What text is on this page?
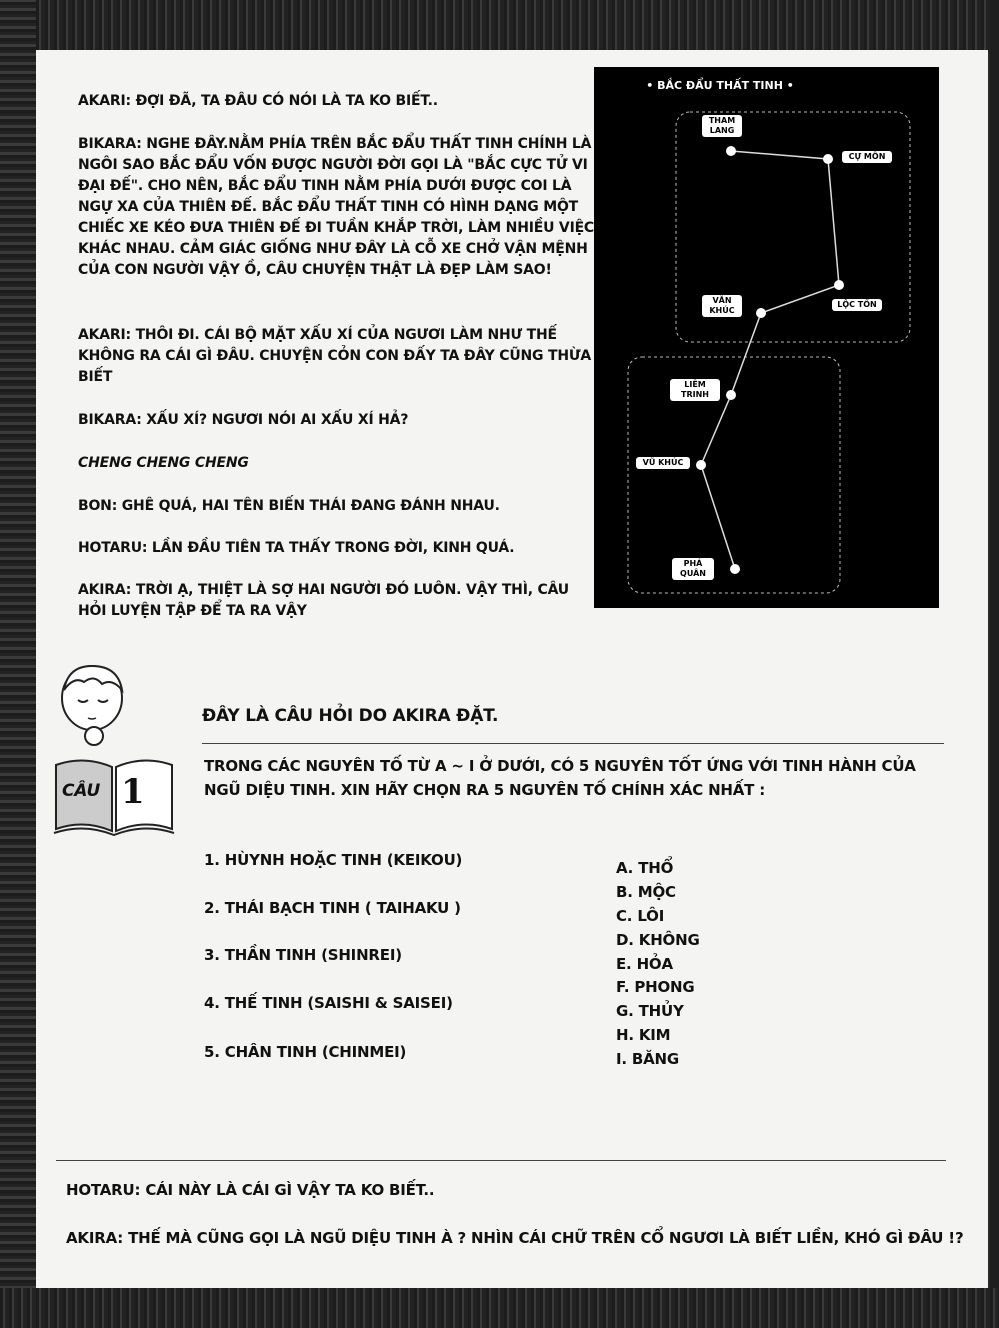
AKARI: ĐỢI ĐÃ, TA ĐÂU CÓ NÓI LÀ TA KO BIẾT..

BIKARA: NGHE ĐÂY.NẰM PHÍA TRÊN BẮC ĐẨU THẤT TINH CHÍNH LÀ NGÔI SAO BẮC ĐẨU VỐN ĐƯỢC NGƯỜI ĐỜI GỌI LÀ "BẮC CỰC TỬ VI ĐẠI ĐẾ". CHO NÊN, BẮC ĐẨU TINH NẰM PHÍA DƯỚI ĐƯỢC COI LÀ NGỰ XA CỦA THIÊN ĐẾ. BẮC ĐẨU THẤT TINH CÓ HÌNH DẠNG MỘT CHIẾC XE KÉO ĐƯA THIÊN ĐẾ ĐI TUẦN KHẮP TRỜI, LÀM NHIỀU VIỆC KHÁC NHAU. CẢM GIÁC GIỐNG NHƯ ĐÂY LÀ CỖ XE CHỞ VẬN MỆNH CỦA CON NGƯỜI VẬY Ồ, CÂU CHUYỆN THẬT LÀ ĐẸP LÀM SAO!

AKARI: THÔI ĐI. CÁI BỘ MẶT XẤU XÍ CỦA NGƯƠI LÀM NHƯ THẾ KHÔNG RA CÁI GÌ ĐÂU. CHUYỆN CỎN CON ĐẤY TA ĐÂY CŨNG THỪA BIẾT

BIKARA: XẤU XÍ? NGƯƠI NÓI AI XẤU XÍ HẢ?

CHENG CHENG CHENG

BON: GHÊ QUÁ, HAI TÊN BIẾN THÁI ĐANG ĐÁNH NHAU.

HOTARU: LẦN ĐẦU TIÊN TA THẤY TRONG ĐỜI, KINH QUÁ.

AKIRA: TRỜI Ạ, THIỆT LÀ SỢ HAI NGƯỜI ĐÓ LUÔN. VẬY THÌ, CÂU HỎI LUYỆN TẬP ĐỂ TA RA VẬY

• BẮC ĐẨU THẤT TINH •
THAM LANG
CỰ MÔN
LỘC TỒN
VĂN KHÚC
LIÊM TRINH
VŨ KHÚC
PHÁ QUÂN
CÂU 1
ĐÂY LÀ CÂU HỎI DO AKIRA ĐẶT.
TRONG CÁC NGUYÊN TỐ TỪ A ~ I Ở DƯỚI, CÓ 5 NGUYÊN TỐT ỨNG VỚI TINH HÀNH CỦA NGŨ DIỆU TINH. XIN HÃY CHỌN RA 5 NGUYÊN TỐ CHÍNH XÁC NHẤT :
1. HÙYNH HOẶC TINH (KEIKOU)
2. THÁI BẠCH TINH ( TAIHAKU )
3. THẦN TINH (SHINREI)
4. THẾ TINH (SAISHI & SAISEI)
5. CHÂN TINH (CHINMEI)
A. THỔ
B. MỘC
C. LÔI
D. KHÔNG
E. HỎA
F. PHONG
G. THỦY
H. KIM
I. BĂNG
HOTARU: CÁI NÀY LÀ CÁI GÌ VẬY TA KO BIẾT..
AKIRA: THẾ MÀ CŨNG GỌI LÀ NGŨ DIỆU TINH À ? NHÌN CÁI CHỮ TRÊN CỔ NGƯƠI LÀ BIẾT LIỀN, KHÓ GÌ ĐÂU !?
